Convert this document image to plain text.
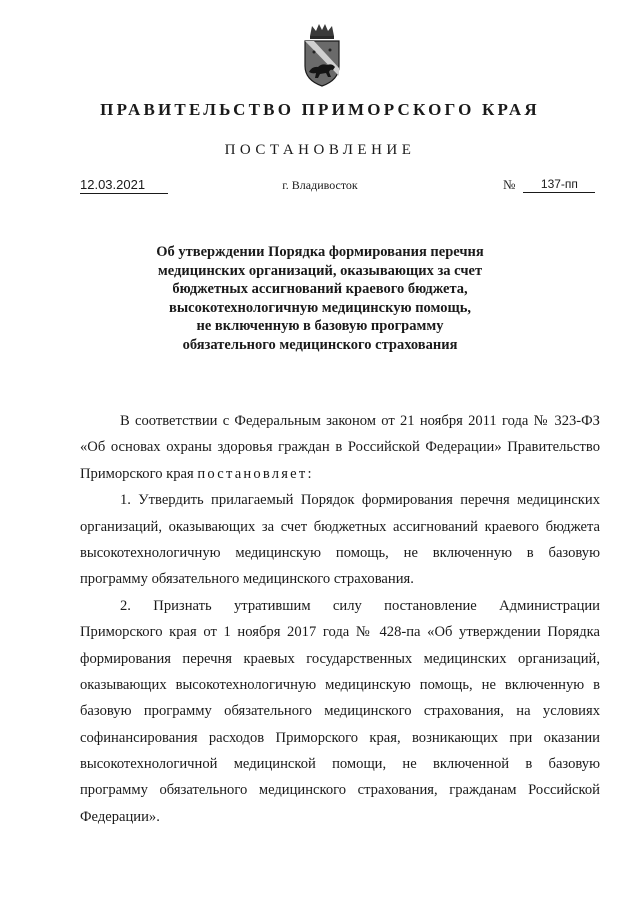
ПРАВИТЕЛЬСТВО ПРИМОРСКОГО КРАЯ
ПОСТАНОВЛЕНИЕ
12.03.2021	г. Владивосток	№	137-пп
Об утверждении Порядка формирования перечня
медицинских организаций, оказывающих за счет
бюджетных ассигнований краевого бюджета,
высокотехнологичную медицинскую помощь,
не включенную в базовую программу
обязательного медицинского страхования
В соответствии с Федеральным законом от 21 ноября 2011 года № 323-ФЗ
«Об основах охраны здоровья граждан в Российской Федерации» Правительство
Приморского края постановляет:
1. Утвердить прилагаемый Порядок формирования перечня медицинских
организаций, оказывающих за счет бюджетных ассигнований краевого бюджета
высокотехнологичную медицинскую помощь, не включенную в базовую
программу обязательного медицинского страхования.
2. Признать утратившим силу постановление Администрации
Приморского края от 1 ноября 2017 года № 428-па «Об утверждении Порядка
формирования перечня краевых государственных медицинских организаций,
оказывающих высокотехнологичную медицинскую помощь, не включенную в
базовую программу обязательного медицинского страхования, на условиях
софинансирования расходов Приморского края, возникающих при оказании
высокотехнологичной медицинской помощи, не включенной в базовую
программу обязательного медицинского страхования, гражданам Российской
Федерации».
